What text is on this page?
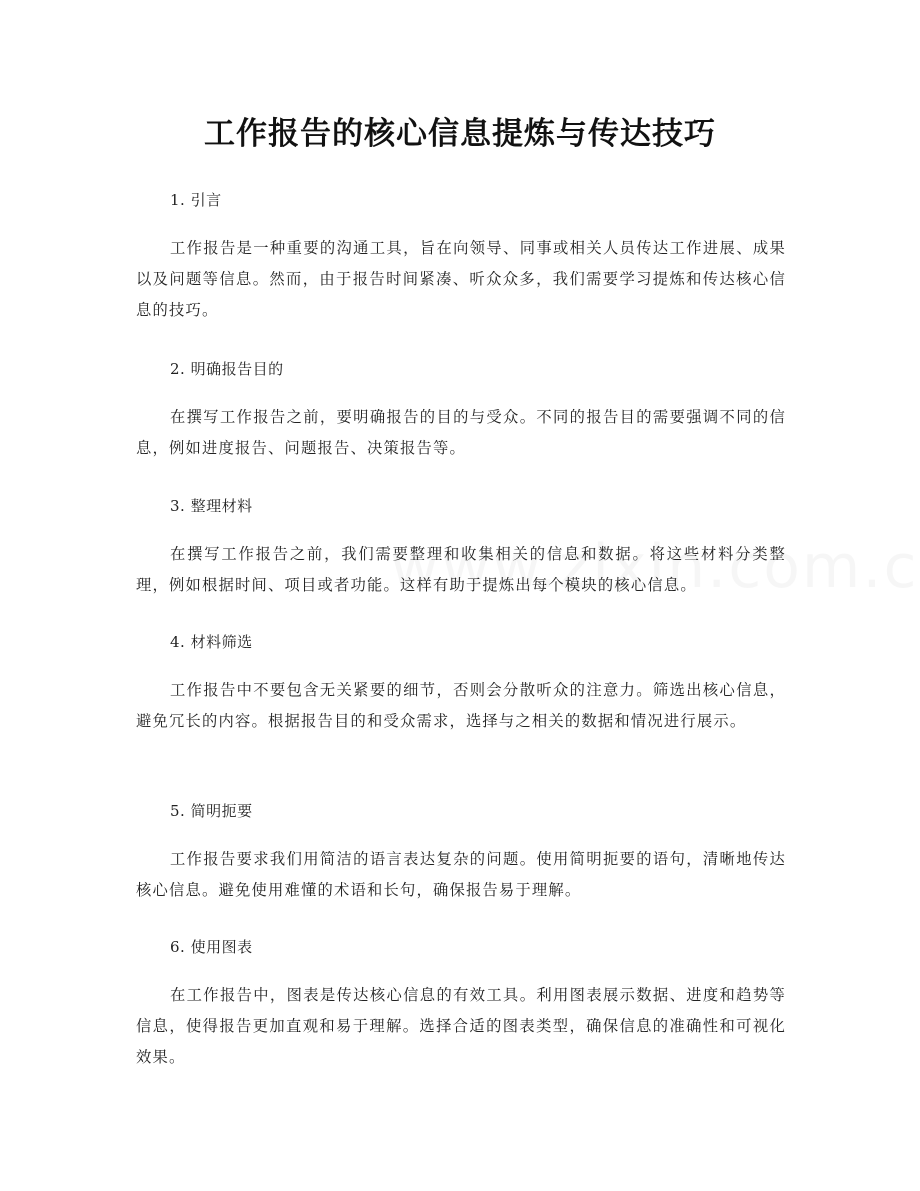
工作报告的核心信息提炼与传达技巧
1. 引言
工作报告是一种重要的沟通工具，旨在向领导、同事或相关人员传达工作进展、成果以及问题等信息。然而，由于报告时间紧凑、听众众多，我们需要学习提炼和传达核心信息的技巧。
2. 明确报告目的
在撰写工作报告之前，要明确报告的目的与受众。不同的报告目的需要强调不同的信息，例如进度报告、问题报告、决策报告等。
3. 整理材料
在撰写工作报告之前，我们需要整理和收集相关的信息和数据。将这些材料分类整理，例如根据时间、项目或者功能。这样有助于提炼出每个模块的核心信息。
4. 材料筛选
工作报告中不要包含无关紧要的细节，否则会分散听众的注意力。筛选出核心信息，避免冗长的内容。根据报告目的和受众需求，选择与之相关的数据和情况进行展示。
5. 简明扼要
工作报告要求我们用简洁的语言表达复杂的问题。使用简明扼要的语句，清晰地传达核心信息。避免使用难懂的术语和长句，确保报告易于理解。
6. 使用图表
在工作报告中，图表是传达核心信息的有效工具。利用图表展示数据、进度和趋势等信息，使得报告更加直观和易于理解。选择合适的图表类型，确保信息的准确性和可视化效果。
